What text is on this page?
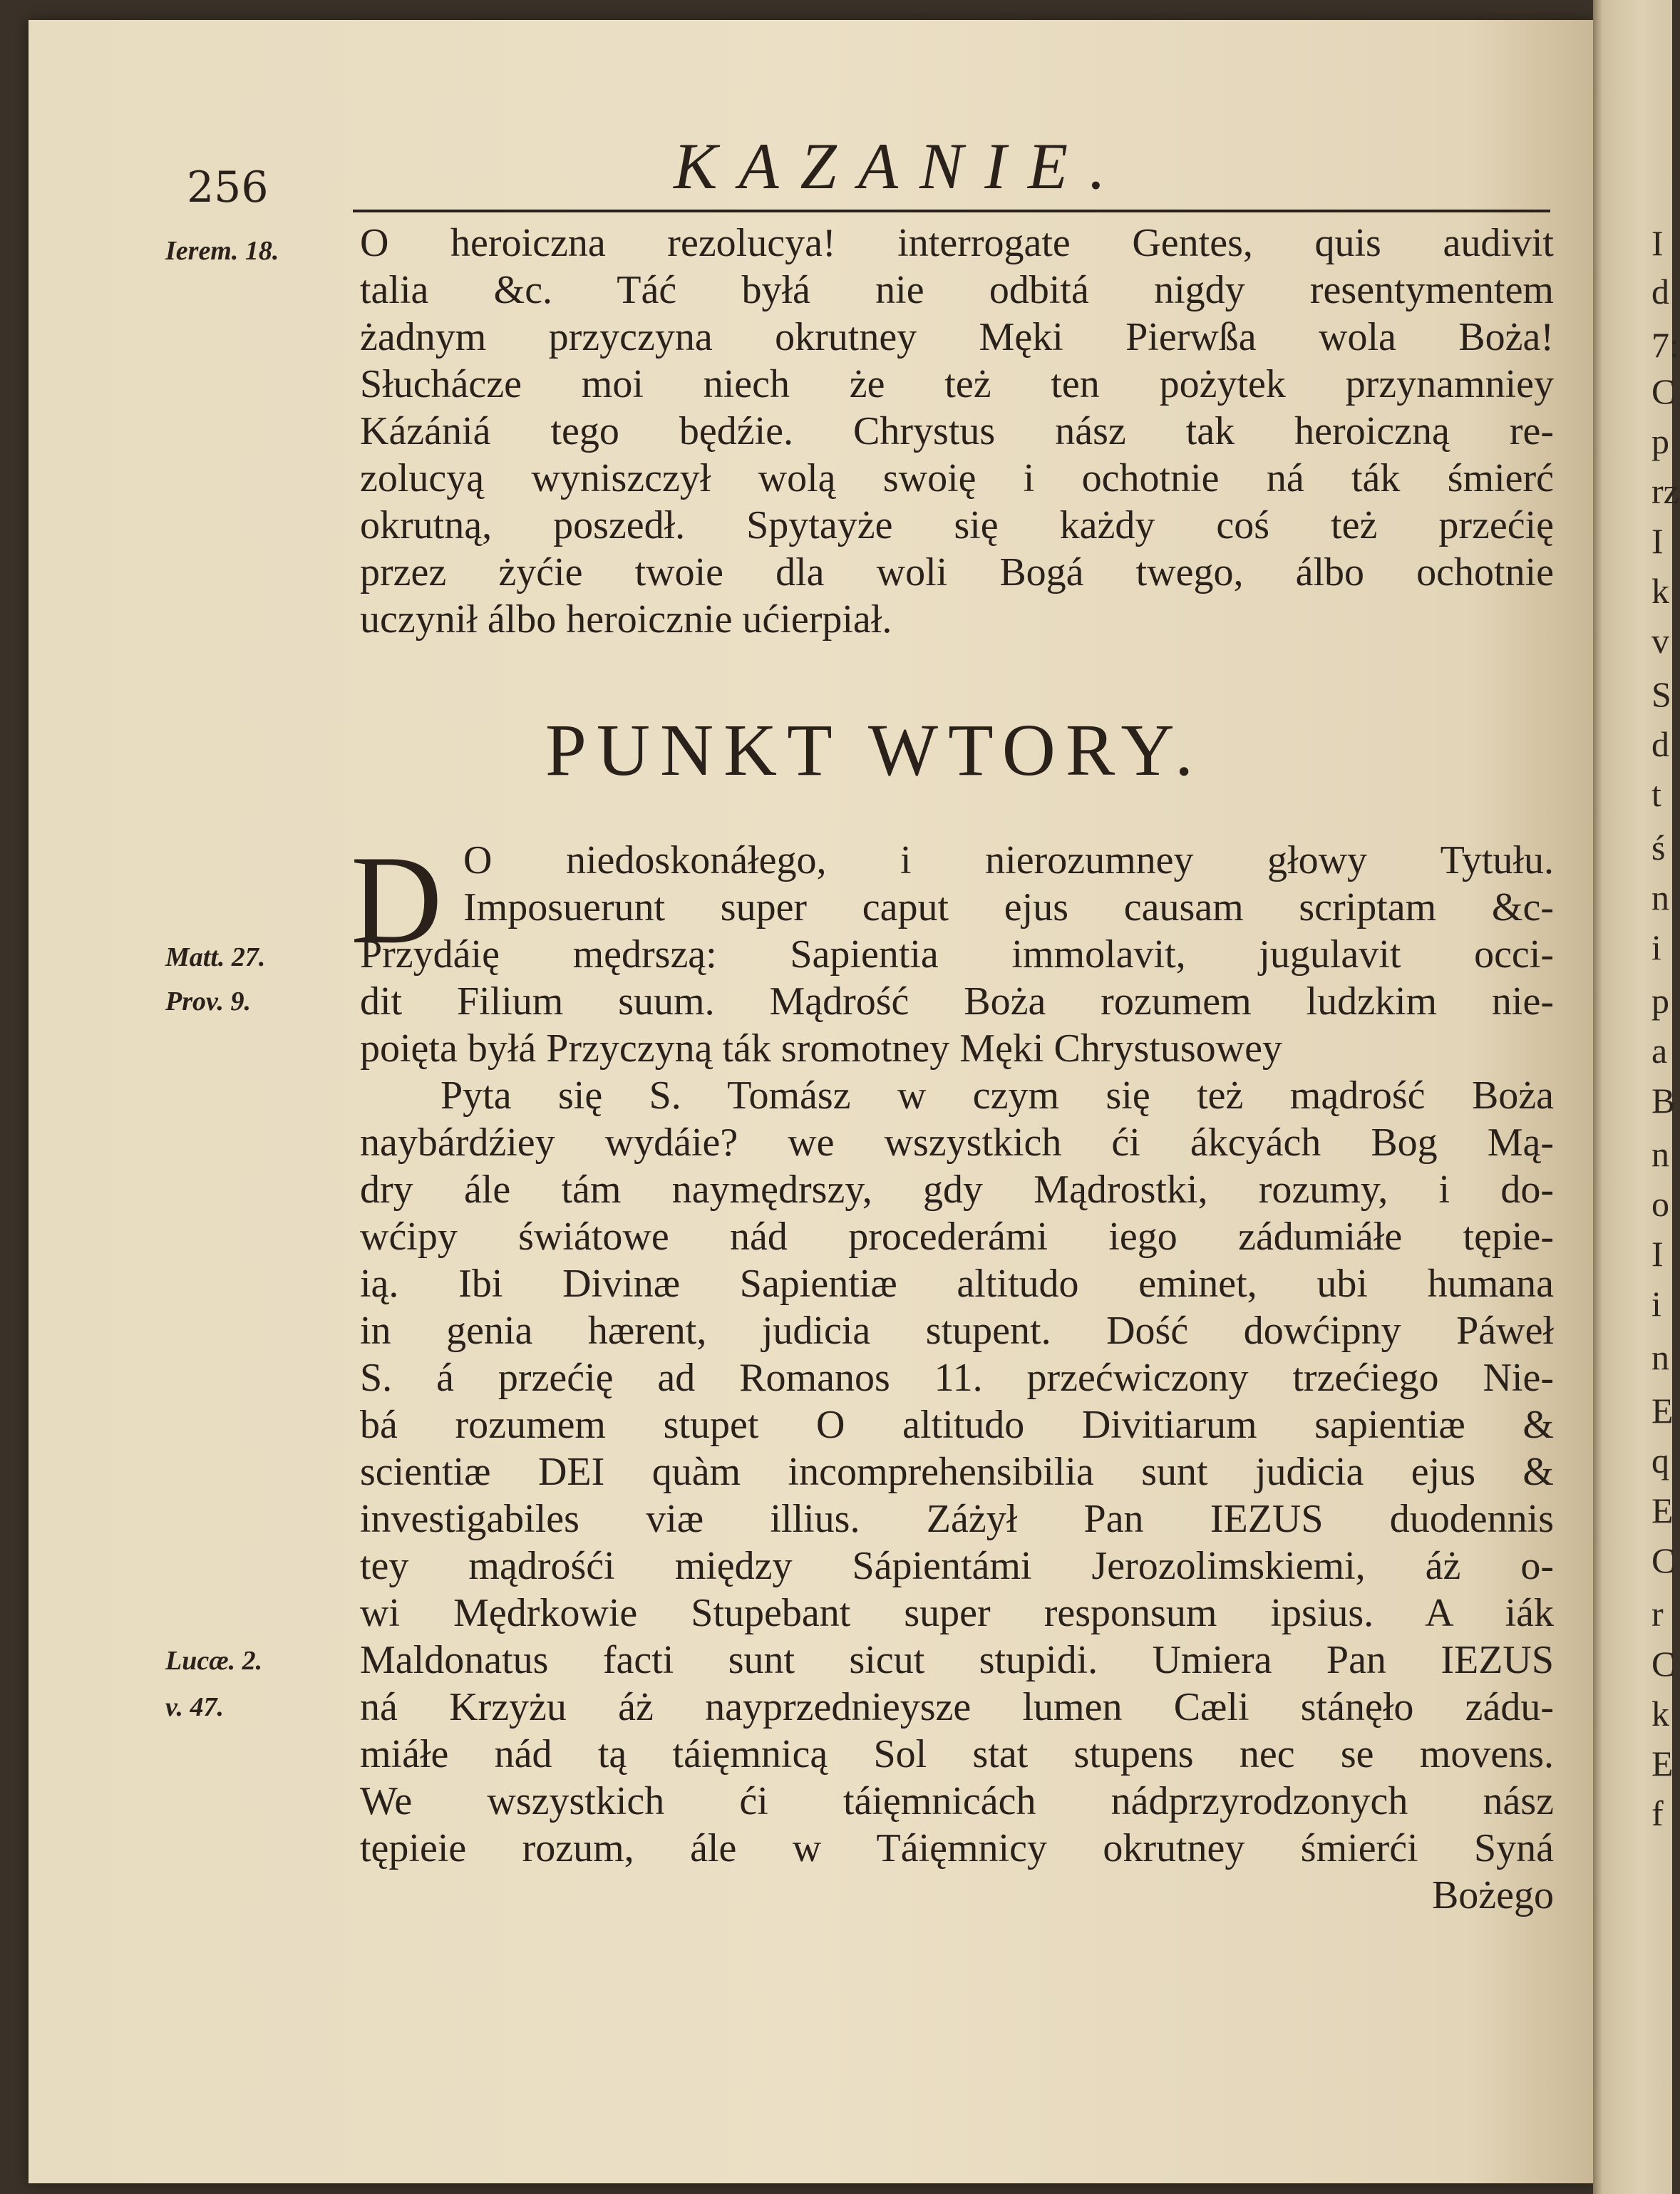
256	KAZANIE.
Ierem. 18.
Matt. 27.
Prov. 9.
Lucæ. 2.
v. 47.
O heroiczna rezolucya! interrogate Gentes, quis audivit
talia &c. Táć byłá nie odbitá nigdy resentymentem
żadnym przyczyna okrutney Męki Pierwßa wola Boża!
Słuchácze moi niech że też ten pożytek przynamniey
Kázániá tego będźie. Chrystus nász tak heroiczną re-
zolucyą wyniszczył wolą swoię i ochotnie ná ták śmierć
okrutną, poszedł. Spytayże się każdy coś też przećię
przez żyćie twoie dla woli Bogá twego, álbo ochotnie
uczynił álbo heroicznie ućierpiał.
PUNKT WTORY.
D O niedoskonáłego, i nierozumney głowy Tytułu.
Imposuerunt super caput ejus causam scriptam &c-
Przydáię mędrszą: Sapientia immolavit, jugulavit occi-
dit Filium suum. Mądrość Boża rozumem ludzkim nie-
poięta byłá Przyczyną ták sromotney Męki Chrystusowey
Pyta się S. Tomász w czym się też mądrość Boża
naybárdźiey wydáie? we wszystkich ći ákcyách Bog Mą-
dry ále tám naymędrszy, gdy Mądrostki, rozumy, i do-
wćipy świátowe nád procederámi iego zádumiáłe tępie-
ią. Ibi Divinæ Sapientiæ altitudo eminet, ubi humana
in genia hærent, judicia stupent. Dość dowćipny Páweł
S. á przećię ad Romanos 11. przećwiczony trzećiego Nie-
bá rozumem stupet O altitudo Divitiarum sapientiæ &
scientiæ DEI quàm incomprehensibilia sunt judicia ejus &
investigabiles viæ illius. Záżył Pan IEZUS duodennis
tey mądrośći między Sápientámi Jerozolimskiemi, áż o-
wi Mędrkowie Stupebant super responsum ipsius. A iák
Maldonatus facti sunt sicut stupidi. Umiera Pan IEZUS
ná Krzyżu áż nayprzednieysze lumen Cæli stánęło zádu-
miáłe nád tą táięmnicą Sol stat stupens nec se movens.
We wszystkich ći táięmnicách nádprzyrodzonych nász
tępieie rozum, ále w Táięmnicy okrutney śmierći Syná
Bożego
I
d
7:
C
p
rz
I
k
v
S
d
t
ś
n
i
p
a
B
n
o
I
i
n
E
q
E
C
r
C
k
E
f
